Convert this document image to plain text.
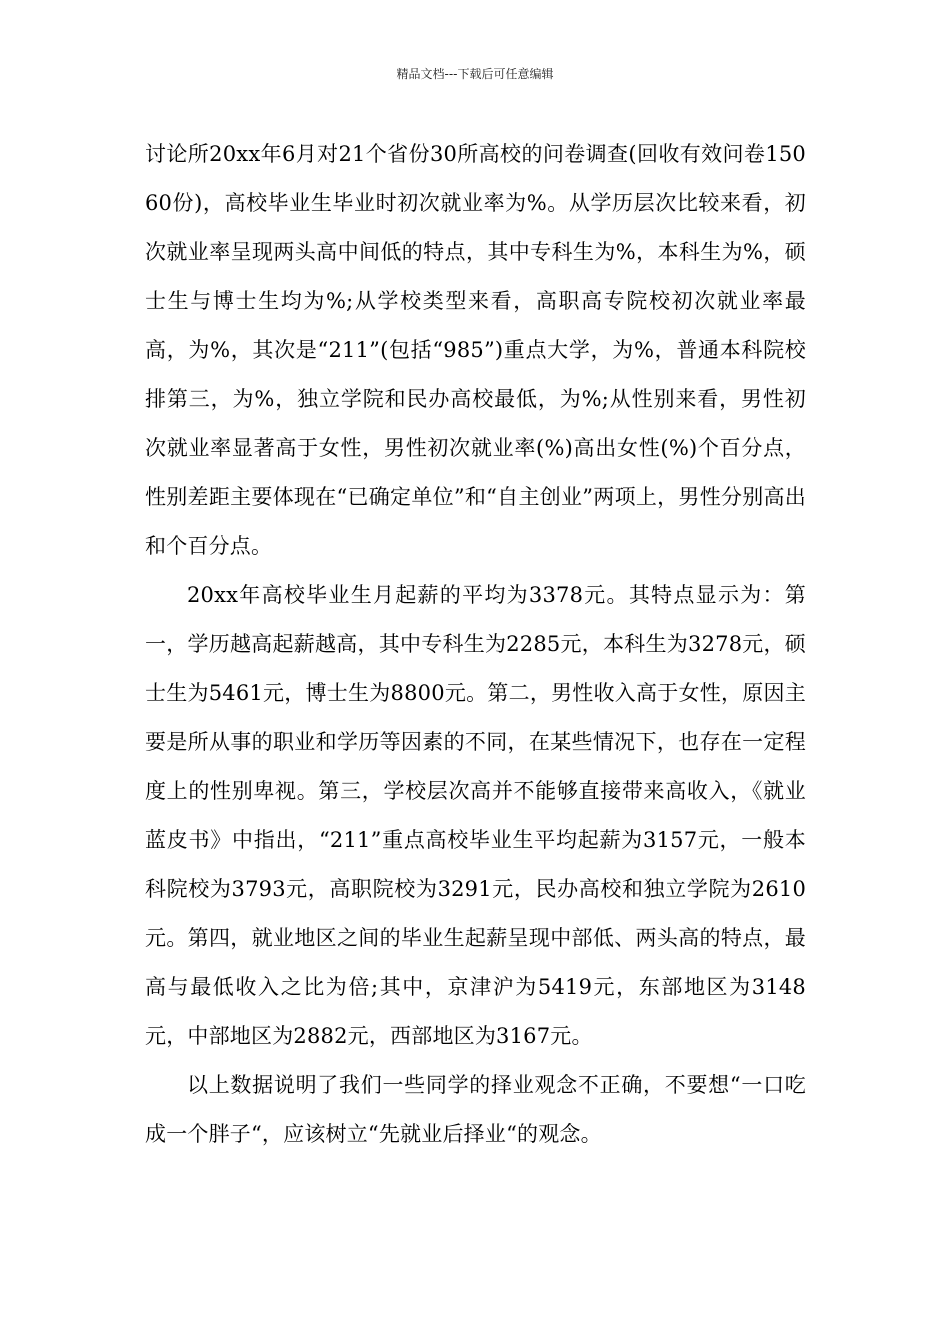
精品文档---下载后可任意编辑

讨论所20xx年6月对21个省份30所高校的问卷调查(回收有效问卷15060份)，高校毕业生毕业时初次就业率为%。从学历层次比较来看，初次就业率呈现两头高中间低的特点，其中专科生为%，本科生为%，硕士生与博士生均为%;从学校类型来看，高职高专院校初次就业率最高，为%，其次是“211”(包括“985”)重点大学，为%，普通本科院校排第三，为%，独立学院和民办高校最低，为%;从性别来看，男性初次就业率显著高于女性，男性初次就业率(%)高出女性(%)个百分点，性别差距主要体现在“已确定单位”和“自主创业”两项上，男性分别高出和个百分点。

20xx年高校毕业生月起薪的平均为3378元。其特点显示为：第一，学历越高起薪越高，其中专科生为2285元，本科生为3278元，硕士生为5461元，博士生为8800元。第二，男性收入高于女性，原因主要是所从事的职业和学历等因素的不同，在某些情况下，也存在一定程度上的性别卑视。第三，学校层次高并不能够直接带来高收入，《就业蓝皮书》中指出，“211”重点高校毕业生平均起薪为3157元，一般本科院校为3793元，高职院校为3291元，民办高校和独立学院为2610元。第四，就业地区之间的毕业生起薪呈现中部低、两头高的特点，最高与最低收入之比为倍;其中，京津沪为5419元，东部地区为3148元，中部地区为2882元，西部地区为3167元。

以上数据说明了我们一些同学的择业观念不正确，不要想“一口吃成一个胖子“，应该树立“先就业后择业“的观念。
